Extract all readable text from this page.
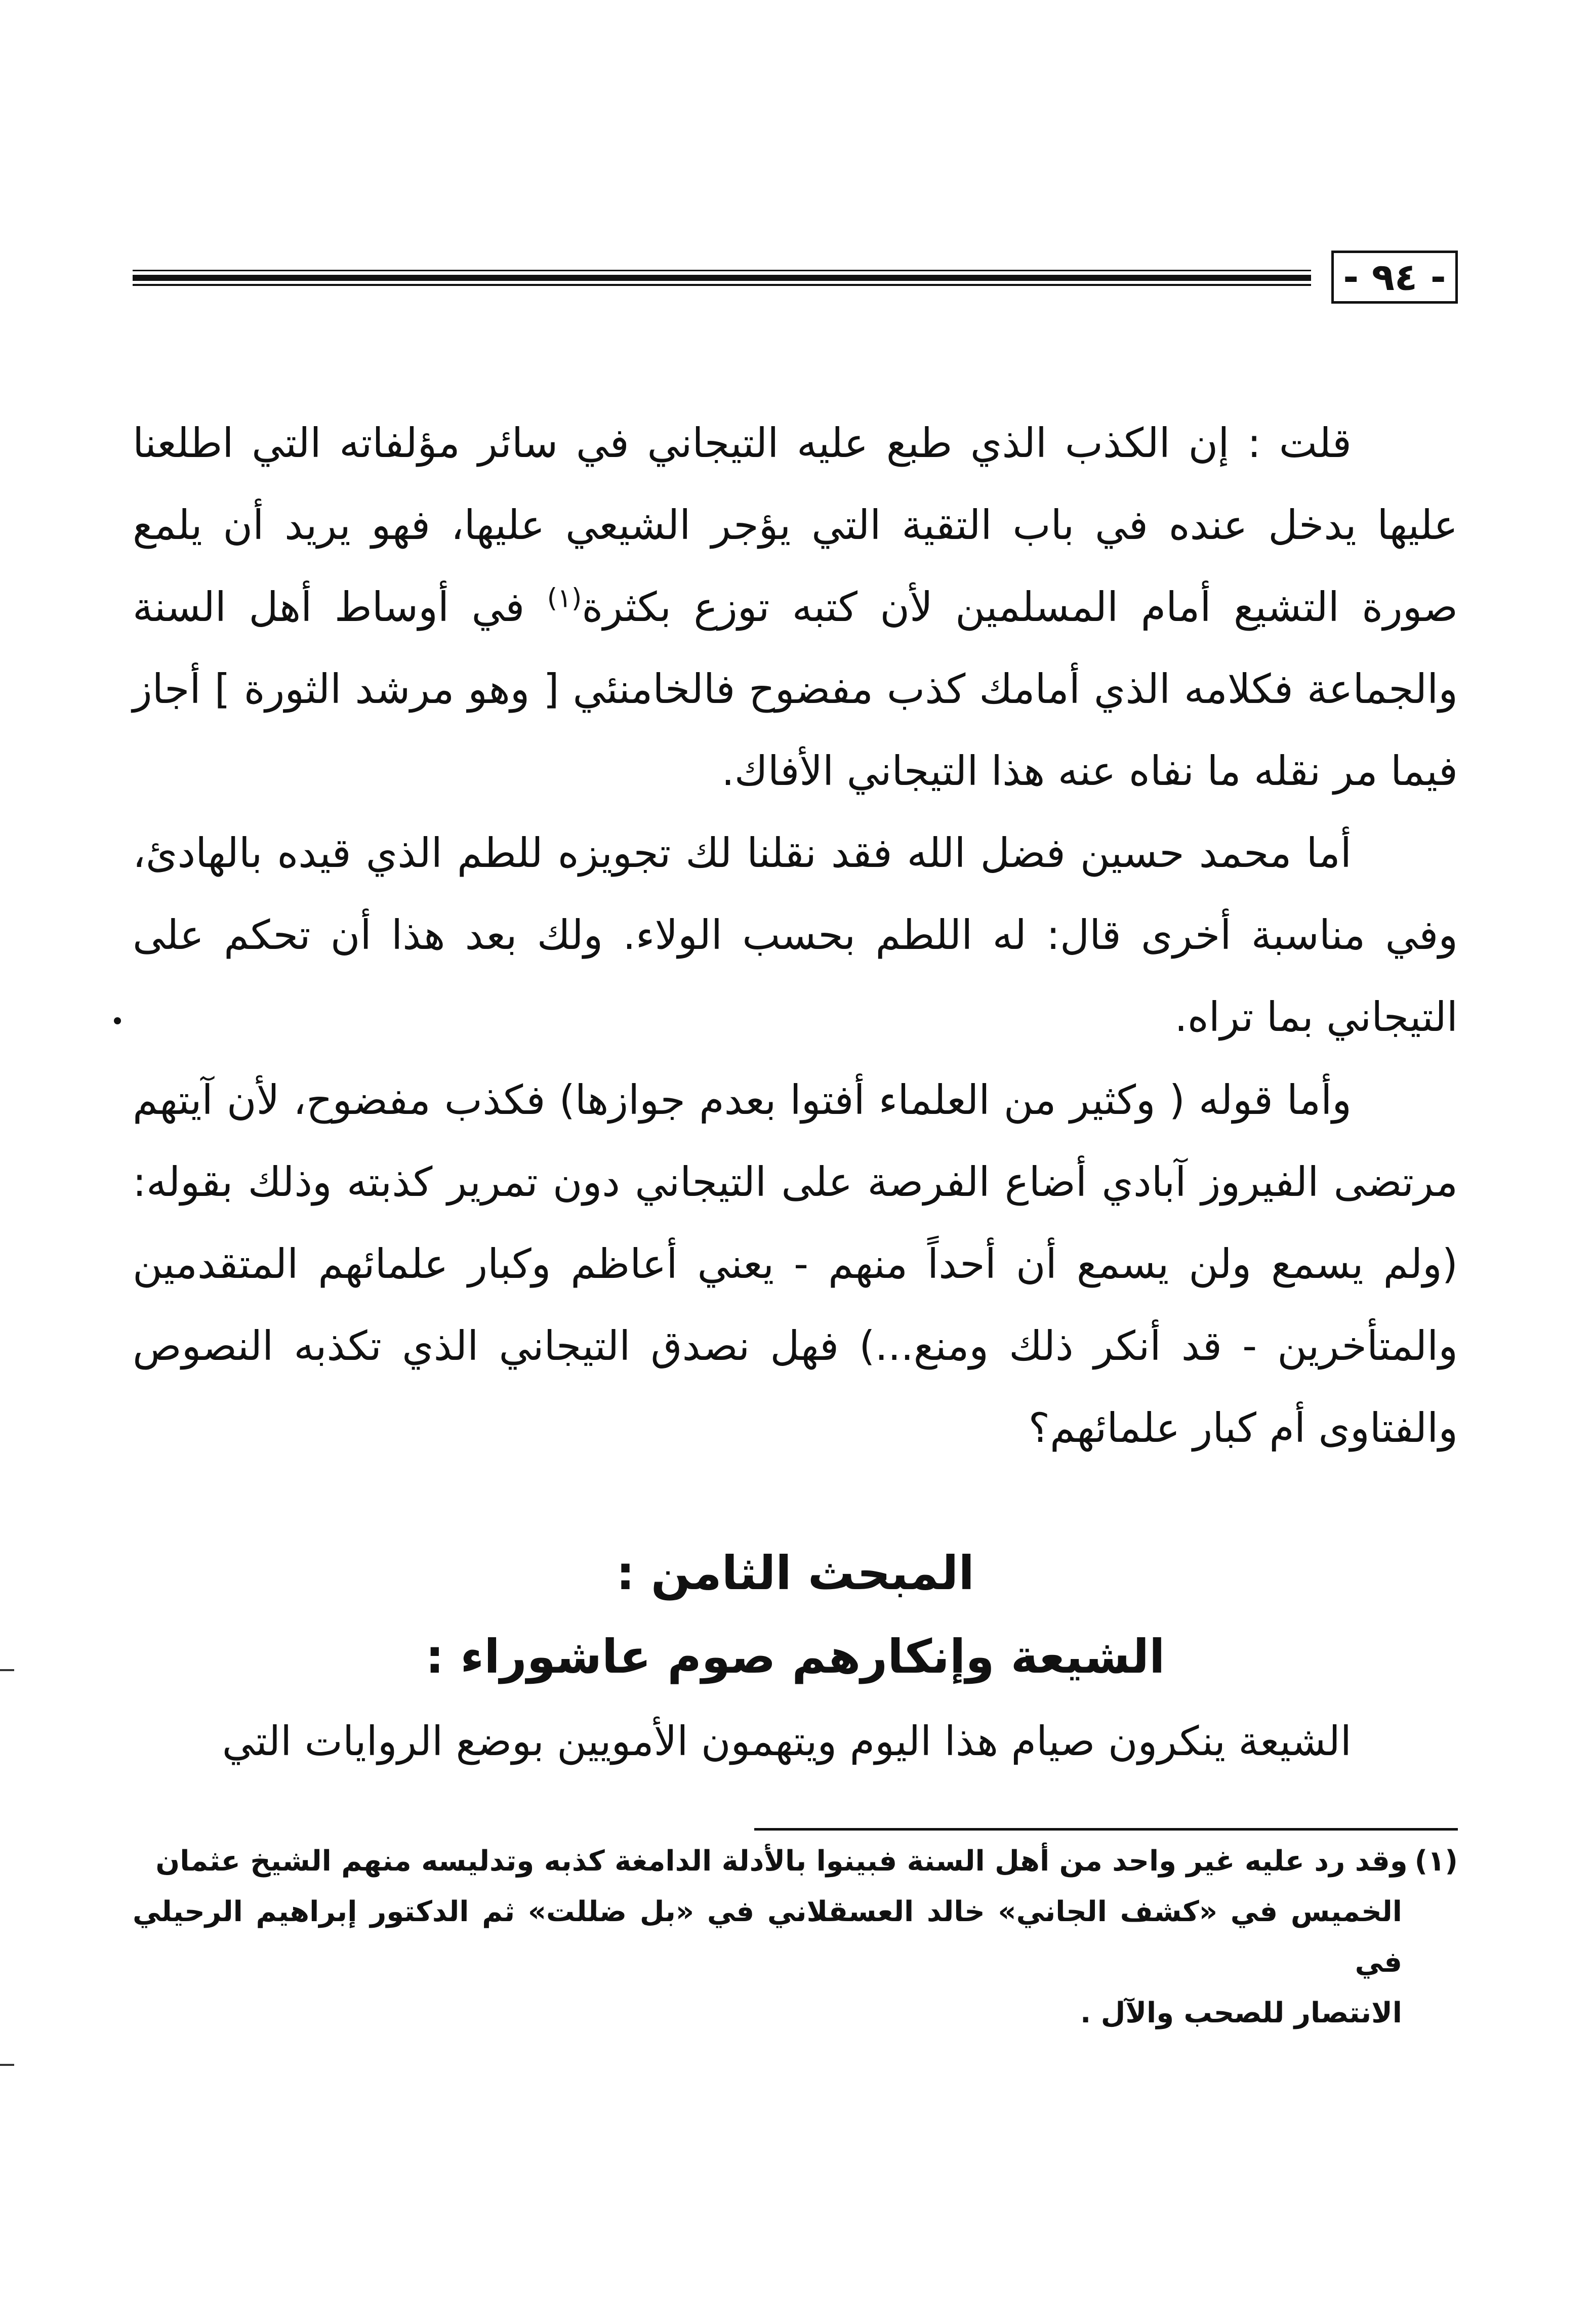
- ٩٤ -

قلت : إن الكذب الذي طبع عليه التيجاني في سائر مؤلفاته التي اطلعنا عليها يدخل عنده في باب التقية التي يؤجر الشيعي عليها، فهو يريد أن يلمع صورة التشيع أمام المسلمين لأن كتبه توزع بكثرة$^{(١)}$ في أوساط أهل السنة والجماعة فكلامه الذي أمامك كذب مفضوح فالخامنئي [ وهو مرشد الثورة ] أجاز فيما مر نقله ما نفاه عنه هذا التيجاني الأفاك.

أما محمد حسين فضل الله فقد نقلنا لك تجويزه للطم الذي قيده بالهادئ، وفي مناسبة أخرى قال: له اللطم بحسب الولاء. ولك بعد هذا أن تحكم على التيجاني بما تراه.

وأما قوله ( وكثير من العلماء أفتوا بعدم جوازها) فكذب مفضوح، لأن آيتهم مرتضى الفيروز آبادي أضاع الفرصة على التيجاني دون تمرير كذبته وذلك بقوله: (ولم يسمع ولن يسمع أن أحداً منهم - يعني أعاظم وكبار علمائهم المتقدمين والمتأخرين - قد أنكر ذلك ومنع...) فهل نصدق التيجاني الذي تكذبه النصوص والفتاوى أم كبار علمائهم؟

المبحث الثامن :
الشيعة وإنكارهم صوم عاشوراء :

الشيعة ينكرون صيام هذا اليوم ويتهمون الأمويين بوضع الروايات التي

(١)وقد رد عليه غير واحد من أهل السنة فبينوا بالأدلة الدامغة كذبه وتدليسه منهم الشيخ عثمان
الخميس في «كشف الجاني» خالد العسقلاني في «بل ضللت» ثم الدكتور إبراهيم الرحيلي في
الانتصار للصحب والآل .
